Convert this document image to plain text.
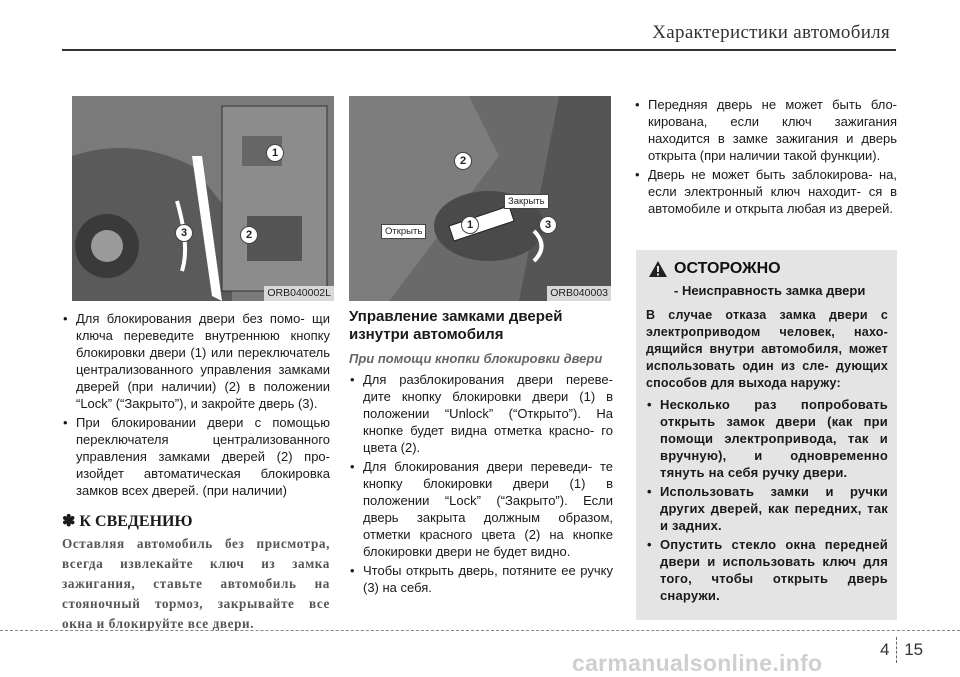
Характеристики автомобиля
1
2
3
ORB040002L
1
2
3
Открыть
Закрыть
ORB040003
• Для блокирования двери без помо- щи ключа переведите внутреннюю кнопку блокировки двери (1) или переключатель централизованного управления замками дверей (при наличии) (2) в положении “Lock” (“Закрыто”), и закройте дверь (3).
• При блокировании двери с помощью переключателя централизованного управления замками дверей (2) про- изойдет автоматическая блокировка замков всех дверей. (при наличии)
✽ К СВЕДЕНИЮ
Оставляя автомобиль без присмотра, всегда извлекайте ключ из замка зажигания, ставьте автомобиль на стояночный тормоз, закрывайте все окна и блокируйте все двери.
Управление замками дверей изнутри автомобиля
При помощи кнопки блокировки двери
• Для разблокирования двери переве- дите кнопку блокировки двери (1) в положении “Unlock” (“Открыто”). На кнопке будет видна отметка красно- го цвета (2).
• Для блокирования двери переведи- те кнопку блокировки двери (1) в положении “Lock” (“Закрыто”). Если дверь закрыта должным образом, отметки красного цвета (2) на кнопке блокировки двери не будет видно.
• Чтобы открыть дверь, потяните ее ручку (3) на себя.
• Передняя дверь не может быть бло- кирована, если ключ зажигания находится в замке зажигания и дверь открыта (при наличии такой функции).
• Дверь не может быть заблокирова- на, если электронный ключ находит- ся в автомобиле и открыта любая из дверей.
ОСТОРОЖНО
- Неисправность замка двери
В случае отказа замка двери с электроприводом человек, нахо- дящийся внутри автомобиля, может использовать один из сле- дующих способов для выхода наружу:
• Несколько раз попробовать открыть замок двери (как при помощи электропривода, так и вручную), и одновременно тянуть на себя ручку двери.
• Использовать замки и ручки других дверей, как передних, так и задних.
• Опустить стекло окна передней двери и использовать ключ для того, чтобы открыть дверь снаружи.
4 15
carmanualsonline.info
